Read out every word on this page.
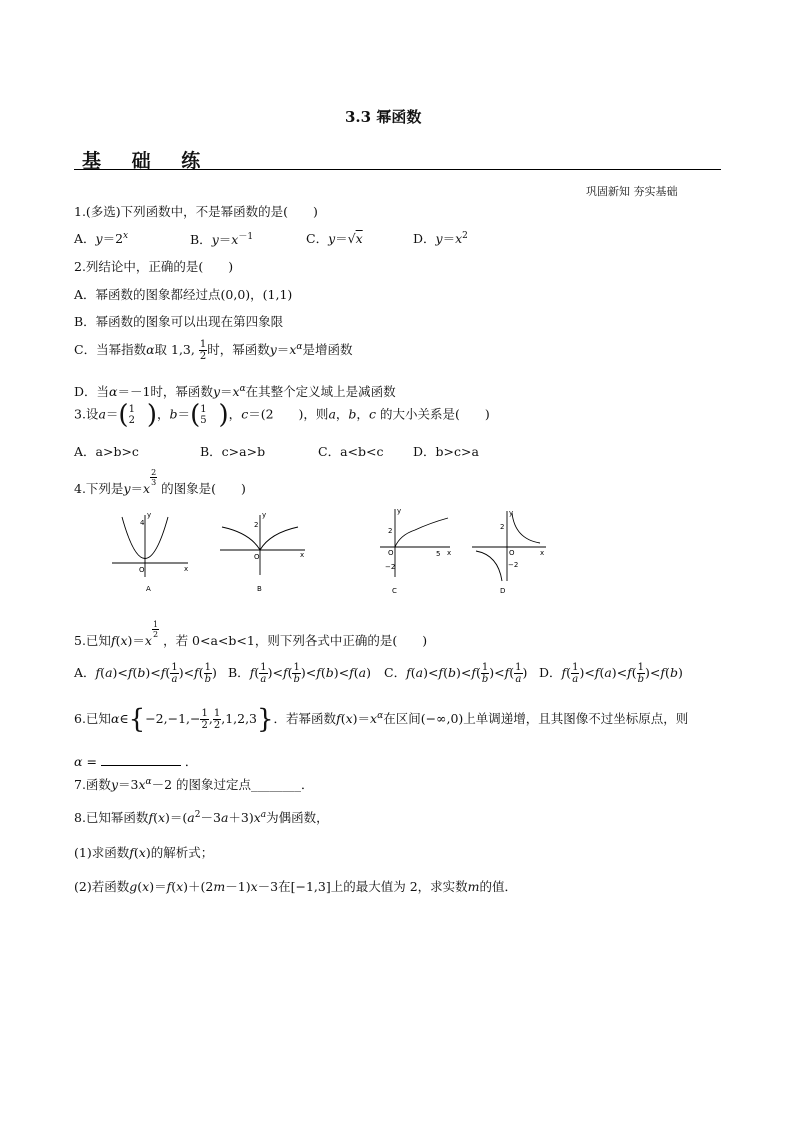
3.3 幂函数
基 础 练
巩固新知 夯实基础
1.(多选)下列函数中，不是幂函数的是(　　)
A．$y=2^x$	B．$y=x^{-1}$	C．y＝√x	D．$y=x^2$
2.列结论中，正确的是(　　)
A．幂函数的图象都经过点(0,0)，(1,1)
B．幂函数的图象可以出现在第四象限
C．当幂指数α取 1,3, $\frac{1}{2}$ 时，幂函数$y=x^\alpha$是增函数
D．当α＝－1时，幂函数$y=x^\alpha$在其整个定义域上是减函数
3.设a＝( 1
2 )，b＝( 1
5 )，c＝(2　　)，则a，b，c 的大小关系是(　　)
A．a>b>c	B．c>a>b	C．a<b<c D．b>c>a
4.下列是y＝x
$^{\frac{2}{3}}$
的图象是(　　)
4
y
O	x
A
2
y
O	x
B
2
y
O
−2
5 x
C
2
y
O
−2
x
D
5.已知f(x)＝x
$^{\frac{1}{2}}$
，若 0<a<b<1，则下列各式中正确的是(　　)
A．$f(a)<f(b)<f( \frac{1}{a} )<f( \frac{1}{b}$ ) B．$f( \frac{1}{a} )<f( \frac{1}{b} )<f(b)<f(a)$ C．$f(a)<f(b)<f( \frac{1}{b} )<f( \frac{1}{a}$ ) D．$f( \frac{1}{a} )<f(a)<f( \frac{1}{b} )<f(b)$
6.已知α∈{−2,−1,− $\frac{1}{2}$ , $\frac{1}{2} ,1,2,3$}．若幂函数$f(x)=x^\alpha$在区间(−∞,0)上单调递增，且其图像不过坐标原点，则
α =	．
7.函数$y=3x^\alpha-2$ 的图象过定点________．
8.已知幂函数$f(x)=(a^2-3a+3)x^a$为偶函数，
(1)求函数f(x)的解析式；
(2)若函数g(x)＝f(x)＋(2m－1)x－3在[−1,3]上的最大值为 2，求实数m的值．
